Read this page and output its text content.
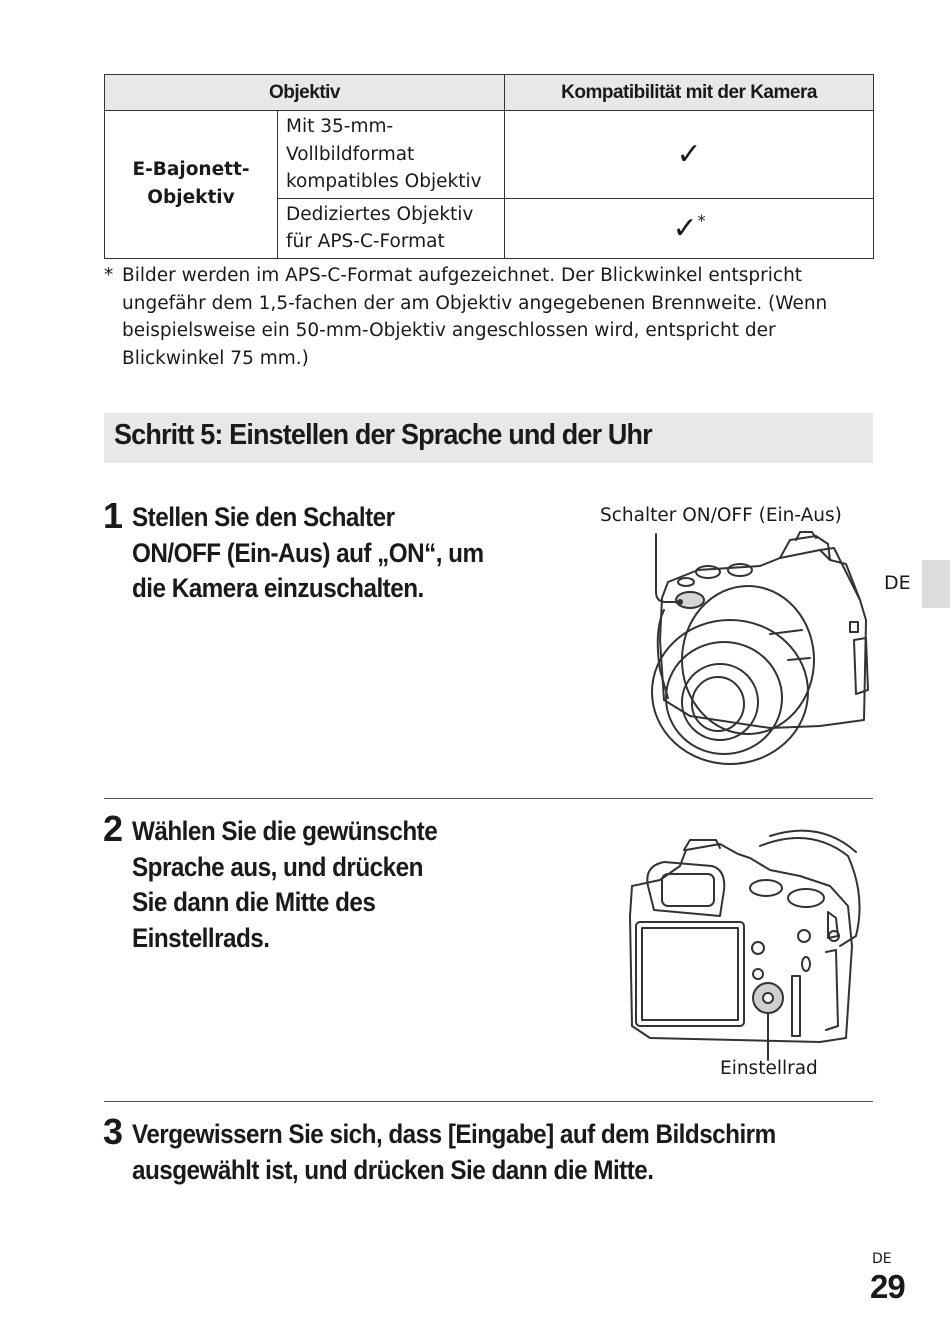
Objektiv		Kompatibilität mit der Kamera
E-Bajonett-
Objektiv	Mit 35-mm-
Vollbildformat
kompatibles Objektiv	✓
	Dediziertes Objektiv
für APS-C-Format	✓*
* Bilder werden im APS-C-Format aufgezeichnet. Der Blickwinkel entspricht ungefähr dem 1,5-fachen der am Objektiv angegebenen Brennweite. (Wenn beispielsweise ein 50-mm-Objektiv angeschlossen wird, entspricht der Blickwinkel 75 mm.)
Schritt 5: Einstellen der Sprache und der Uhr
1 Stellen Sie den Schalter
ON/OFF (Ein-Aus) auf „ON“, um
die Kamera einzuschalten.
Schalter ON/OFF (Ein-Aus)
2 Wählen Sie die gewünschte
Sprache aus, und drücken
Sie dann die Mitte des
Einstellrads.
Einstellrad
3 Vergewissern Sie sich, dass [Eingabe] auf dem Bildschirm
ausgewählt ist, und drücken Sie dann die Mitte.
DE
DE
29
